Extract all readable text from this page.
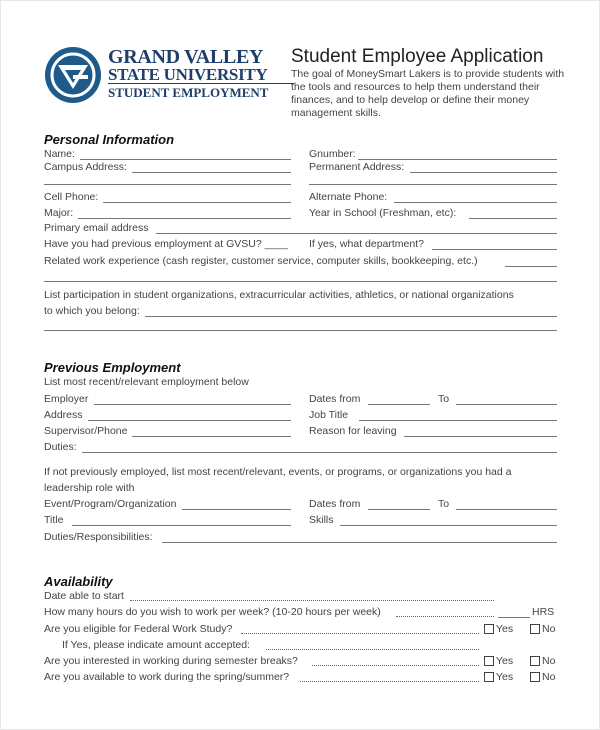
GRAND VALLEY
STATE UNIVERSITY
STUDENT EMPLOYMENT
Student Employee Application
The goal of MoneySmart Lakers is to provide students with the tools and resources to help them understand their finances, and to help develop or define their money management skills.
Personal Information
Name:	Gnumber:
Campus Address:	Permanent Address:
Cell Phone:	Alternate Phone:
Major:	Year in School (Freshman, etc):
Primary email address
Have you had previous employment at GVSU? ____ If yes, what department?
Related work experience (cash register, customer service, computer skills, bookkeeping, etc.)
List participation in student organizations, extracurricular activities, athletics, or national organizations
to which you belong:
Previous Employment
List most recent/relevant employment below
Employer	Dates from	To
Address	Job Title
Supervisor/Phone	Reason for leaving
Duties:
If not previously employed, list most recent/relevant, events, or programs, or organizations you had a
leadership role with
Event/Program/Organization	Dates from	To
Title	Skills
Duties/Responsibilities:
Availability
Date able to start
How many hours do you wish to work per week? (10-20 hours per week)	HRS
Are you eligible for Federal Work Study?	Yes	No
If Yes, please indicate amount accepted:
Are you interested in working during semester breaks?	Yes	No
Are you available to work during the spring/summer?	Yes	No
